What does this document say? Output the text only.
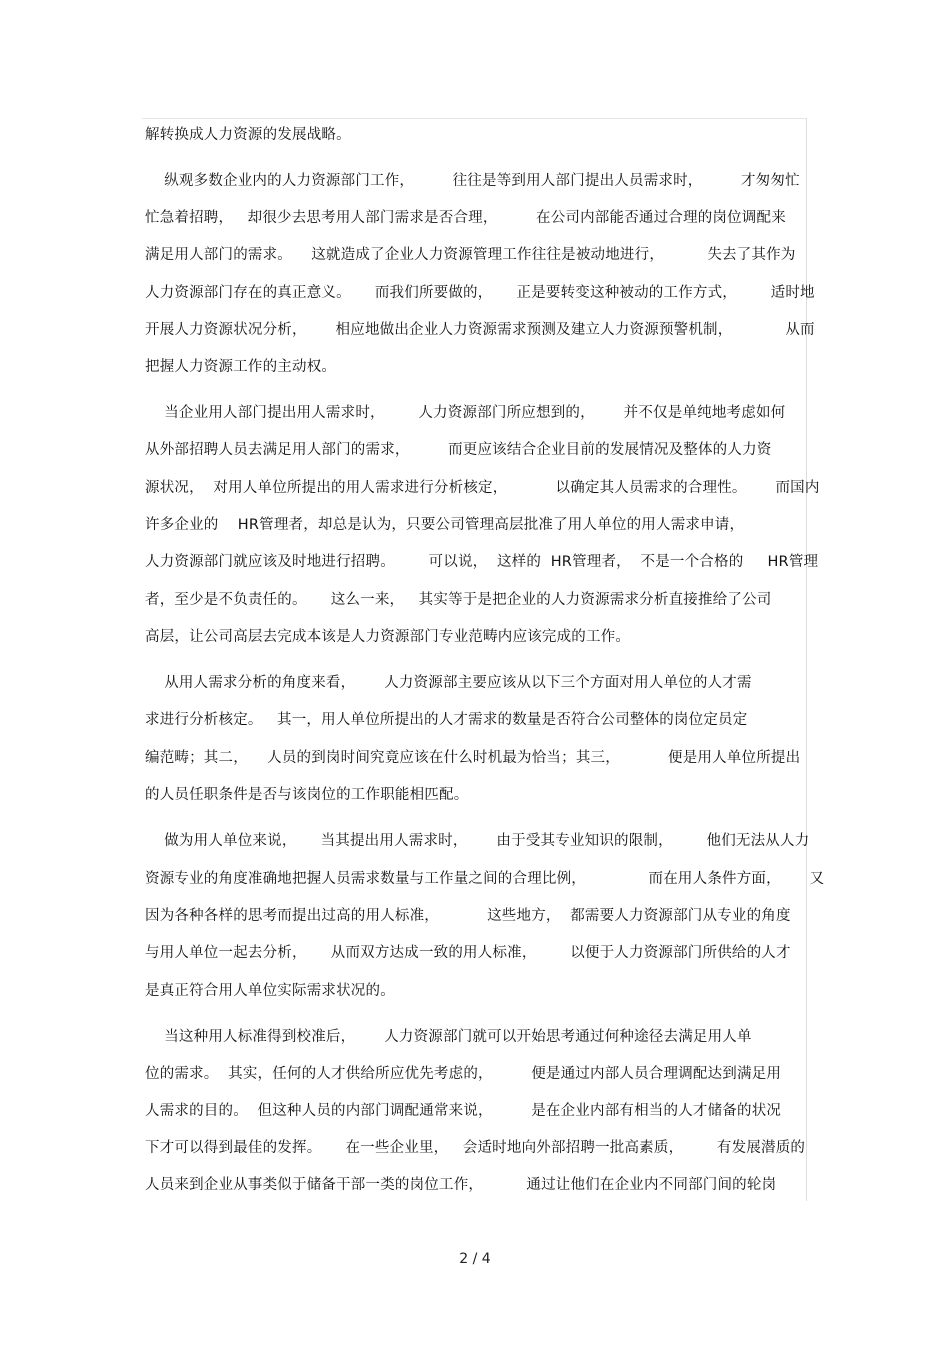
解转换成人力资源的发展战略。
纵观多数企业内的人力资源部门工作，        往往是等到用人部门提出人员需求时，        才匆匆忙
忙急着招聘，   却很少去思考用人部门需求是否合理，        在公司内部能否通过合理的岗位调配来
满足用人部门的需求。    这就造成了企业人力资源管理工作往往是被动地进行，         失去了其作为
人力资源部门存在的真正意义。     而我们所要做的，     正是要转变这种被动的工作方式，       适时地
开展人力资源状况分析，      相应地做出企业人力资源需求预测及建立人力资源预警机制，           从而
把握人力资源工作的主动权。
当企业用人部门提出用人需求时，       人力资源部门所应想到的，      并不仅是单纯地考虑如何
从外部招聘人员去满足用人部门的需求，        而更应该结合企业目前的发展情况及整体的人力资
源状况，  对用人单位所提出的用人需求进行分析核定，          以确定其人员需求的合理性。      而国内
许多企业的    HR管理者，却总是认为，只要公司管理高层批准了用人单位的用人需求申请，
人力资源部门就应该及时地进行招聘。       可以说，  这样的  HR管理者，  不是一个合格的     HR管理
者，至少是不负责任的。     这么一来，   其实等于是把企业的人力资源需求分析直接推给了公司
高层，让公司高层去完成本该是人力资源部门专业范畴内应该完成的工作。
从用人需求分析的角度来看，      人力资源部主要应该从以下三个方面对用人单位的人才需
求进行分析核定。   其一，用人单位所提出的人才需求的数量是否符合公司整体的岗位定员定
编范畴；其二，    人员的到岗时间究竟应该在什么时机最为恰当；其三，          便是用人单位所提出
的人员任职条件是否与该岗位的工作职能相匹配。
做为用人单位来说，     当其提出用人需求时，      由于受其专业知识的限制，       他们无法从人力
资源专业的角度准确地把握人员需求数量与工作量之间的合理比例，             而在用人条件方面，      又
因为各种各样的思考而提出过高的用人标准，          这些地方，  都需要人力资源部门从专业的角度
与用人单位一起去分析，     从而双方达成一致的用人标准，       以便于人力资源部门所供给的人才
是真正符合用人单位实际需求状况的。
当这种用人标准得到校准后，      人力资源部门就可以开始思考通过何种途径去满足用人单
位的需求。  其实，任何的人才供给所应优先考虑的，        便是通过内部人员合理调配达到满足用
人需求的目的。  但这种人员的内部门调配通常来说，        是在企业内部有相当的人才储备的状况
下才可以得到最佳的发挥。     在一些企业里，   会适时地向外部招聘一批高素质，       有发展潜质的
人员来到企业从事类似于储备干部一类的岗位工作，         通过让他们在企业内不同部门间的轮岗
2 / 4
